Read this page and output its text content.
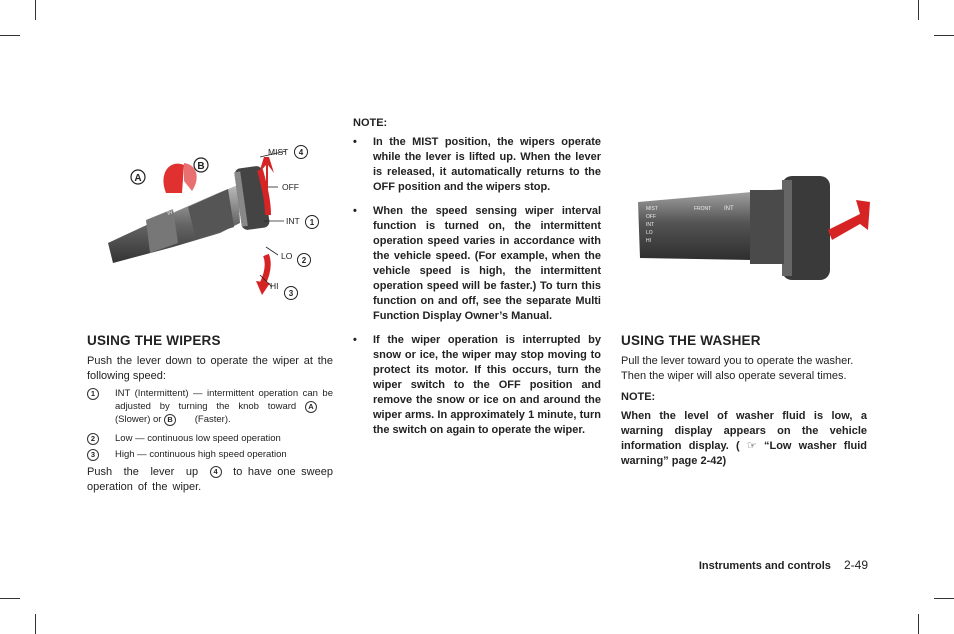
INT
A
B
MIST
OFF
INT
LO
HI
4
1
2
3
USING THE WIPERS

Push the lever down to operate the wiper at the following speed:

1	INT (Intermittent) — intermittent operation can be adjusted by turning the knob toward A (Slower) or B (Faster).
2	Low — continuous low speed operation
3	High — continuous high speed operation

Push the lever up 4 to have one sweep operation of the wiper.

NOTE:
•	In the MIST position, the wipers operate while the lever is lifted up. When the lever is released, it automatically returns to the OFF position and the wipers stop.
•	When the speed sensing wiper interval function is turned on, the intermittent operation speed varies in accordance with the vehicle speed. (For example, when the vehicle speed is high, the intermittent operation speed will be faster.) To turn this function on and off, see the separate Multi Function Display Owner’s Manual.
•	If the wiper operation is interrupted by snow or ice, the wiper may stop moving to protect its motor. If this occurs, turn the wiper switch to the OFF position and remove the snow or ice on and around the wiper arms. In approximately 1 minute, turn the switch on again to operate the wiper.
MIST
OFF
INT
LO
HI
FRONT INT
USING THE WASHER

Pull the lever toward you to operate the washer. Then the wiper will also operate several times.

NOTE:

When the level of washer fluid is low, a warning display appears on the vehicle information display. ( ☞ “Low washer fluid warning” page 2-42)

Instruments and controls 2-49
